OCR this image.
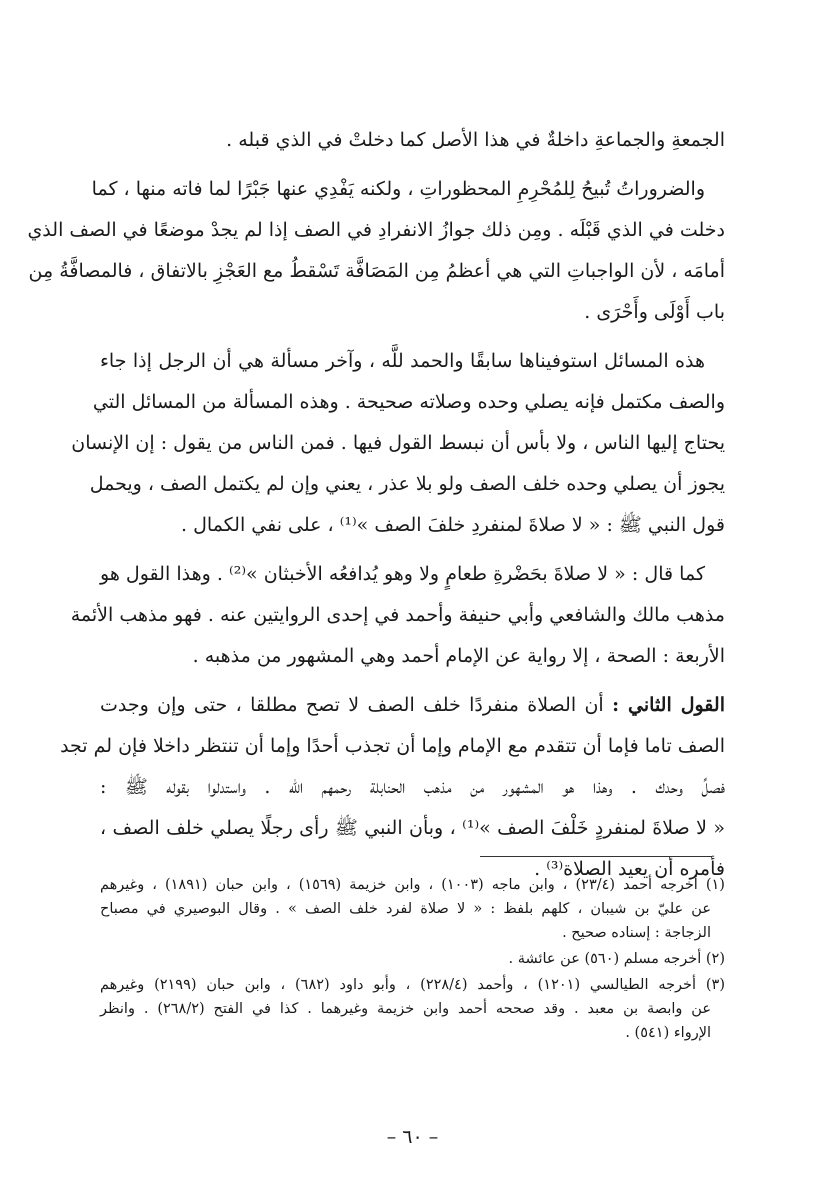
الجمعةِ والجماعةِ داخلةٌ في هذا الأصل كما دخلتْ في الذي قبله .
والضروراتُ تُبيحُ لِلمُحْرِمِ المحظوراتِ ، ولكنه يَفْدِي عنها جَبْرًا لما فاته منها ، كما
دخلت في الذي قَبْلَه . ومِن ذلك جوازُ الانفرادِ في الصف إذا لم يجدْ موضعًا في الصف الذي
أمامَه ، لأن الواجباتِ التي هي أعظمُ مِن المَصَافَّة تَسْقطُ مع العَجْزِ بالاتفاق ، فالمصافَّةُ مِن
باب أَوْلَى وأَحْرَى .
هذه المسائل استوفيناها سابقًا والحمد للَّه ، وآخر مسألة هي أن الرجل إذا جاء
والصف مكتمل فإنه يصلي وحده وصلاته صحيحة . وهذه المسألة من المسائل التي
يحتاج إليها الناس ، ولا بأس أن نبسط القول فيها . فمن الناس من يقول : إن الإنسان
يجوز أن يصلي وحده خلف الصف ولو بلا عذر ، يعني وإن لم يكتمل الصف ، ويحمل
قول النبي ﷺ : « لا صلاةَ لمنفردِ خلفَ الصف »⁽¹⁾ ، على نفي الكمال .
كما قال : « لا صلاةَ بحَضْرةِ طعامٍ ولا وهو يُدافعُه الأخبثان »⁽²⁾ . وهذا القول هو
مذهب مالك والشافعي وأبي حنيفة وأحمد في إحدى الروايتين عنه . فهو مذهب الأئمة
الأربعة : الصحة ، إلا رواية عن الإمام أحمد وهي المشهور من مذهبه .
القول الثاني : أن الصلاة منفردًا خلف الصف لا تصح مطلقا ، حتى وإن وجدت
الصف تاما فإما أن تتقدم مع الإمام وإما أن تجذب أحدًا وإما أن تنتظر داخلا فإن لم تجد
فصلِّ وحدك . وهذا هو المشهور من مذهب الحنابلة رحمهم الله . واستدلوا بقوله ﷺ :
« لا صلاةَ لمنفردٍ خَلْفَ الصف »⁽¹⁾ ، وبأن النبي ﷺ رأى رجلًا يصلي خلف الصف ،
فأمره أن يعيد الصلاة⁽³⁾ .
(١) أخرجه أحمد (٢٣/٤) ، وابن ماجه (١٠٠٣) ، وابن خزيمة (١٥٦٩) ، وابن حبان (١٨٩١) ، وغيرهم
عن عليّ بن شيبان ، كلهم بلفظ : « لا صلاة لفرد خلف الصف » . وقال البوصيري في مصباح
الزجاجة : إسناده صحيح .
(٢) أخرجه مسلم (٥٦٠) عن عائشة .
(٣) أخرجه الطيالسي (١٢٠١) ، وأحمد (٢٢٨/٤) ، وأبو داود (٦٨٢) ، وابن حبان (٢١٩٩) وغيرهم
عن وابصة بن معبد . وقد صححه أحمد وابن خزيمة وغيرهما . كذا في الفتح (٢٦٨/٢) . وانظر
الإرواء (٥٤١) .
– ٦٠ –
